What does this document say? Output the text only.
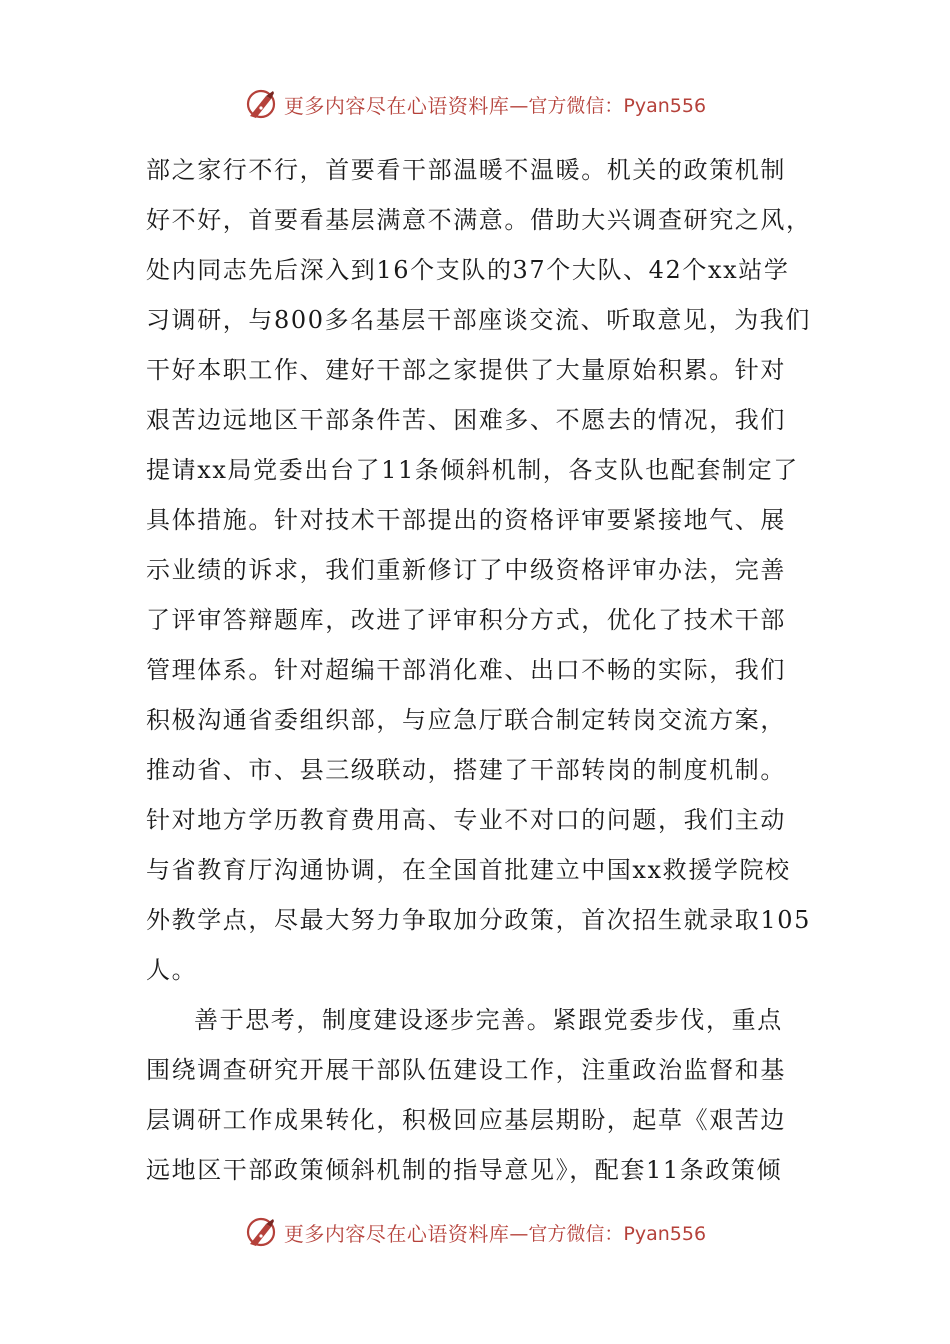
更多内容尽在心语资料库 —官方微信：Pyan556
部之家行不行，首要看干部温暖不温暖。机关的政策机制
好不好，首要看基层满意不满意。借助大兴调查研究之风，
处内同志先后深入到16个支队的37个大队、42个xx站学
习调研，与800多名基层干部座谈交流、听取意见，为我们
干好本职工作、建好干部之家提供了大量原始积累。针对
艰苦边远地区干部条件苦、困难多、不愿去的情况，我们
提请xx局党委出台了11条倾斜机制，各支队也配套制定了
具体措施。针对技术干部提出的资格评审要紧接地气、展
示业绩的诉求，我们重新修订了中级资格评审办法，完善
了评审答辩题库，改进了评审积分方式，优化了技术干部
管理体系。针对超编干部消化难、出口不畅的实际，我们
积极沟通省委组织部，与应急厅联合制定转岗交流方案，
推动省、市、县三级联动，搭建了干部转岗的制度机制。
针对地方学历教育费用高、专业不对口的问题，我们主动
与省教育厅沟通协调，在全国首批建立中国xx救援学院校
外教学点，尽最大努力争取加分政策，首次招生就录取105
人。
善于思考，制度建设逐步完善。紧跟党委步伐，重点
围绕调查研究开展干部队伍建设工作，注重政治监督和基
层调研工作成果转化，积极回应基层期盼，起草《艰苦边
远地区干部政策倾斜机制的指导意见》，配套11条政策倾
更多内容尽在心语资料库 —官方微信：Pyan556
